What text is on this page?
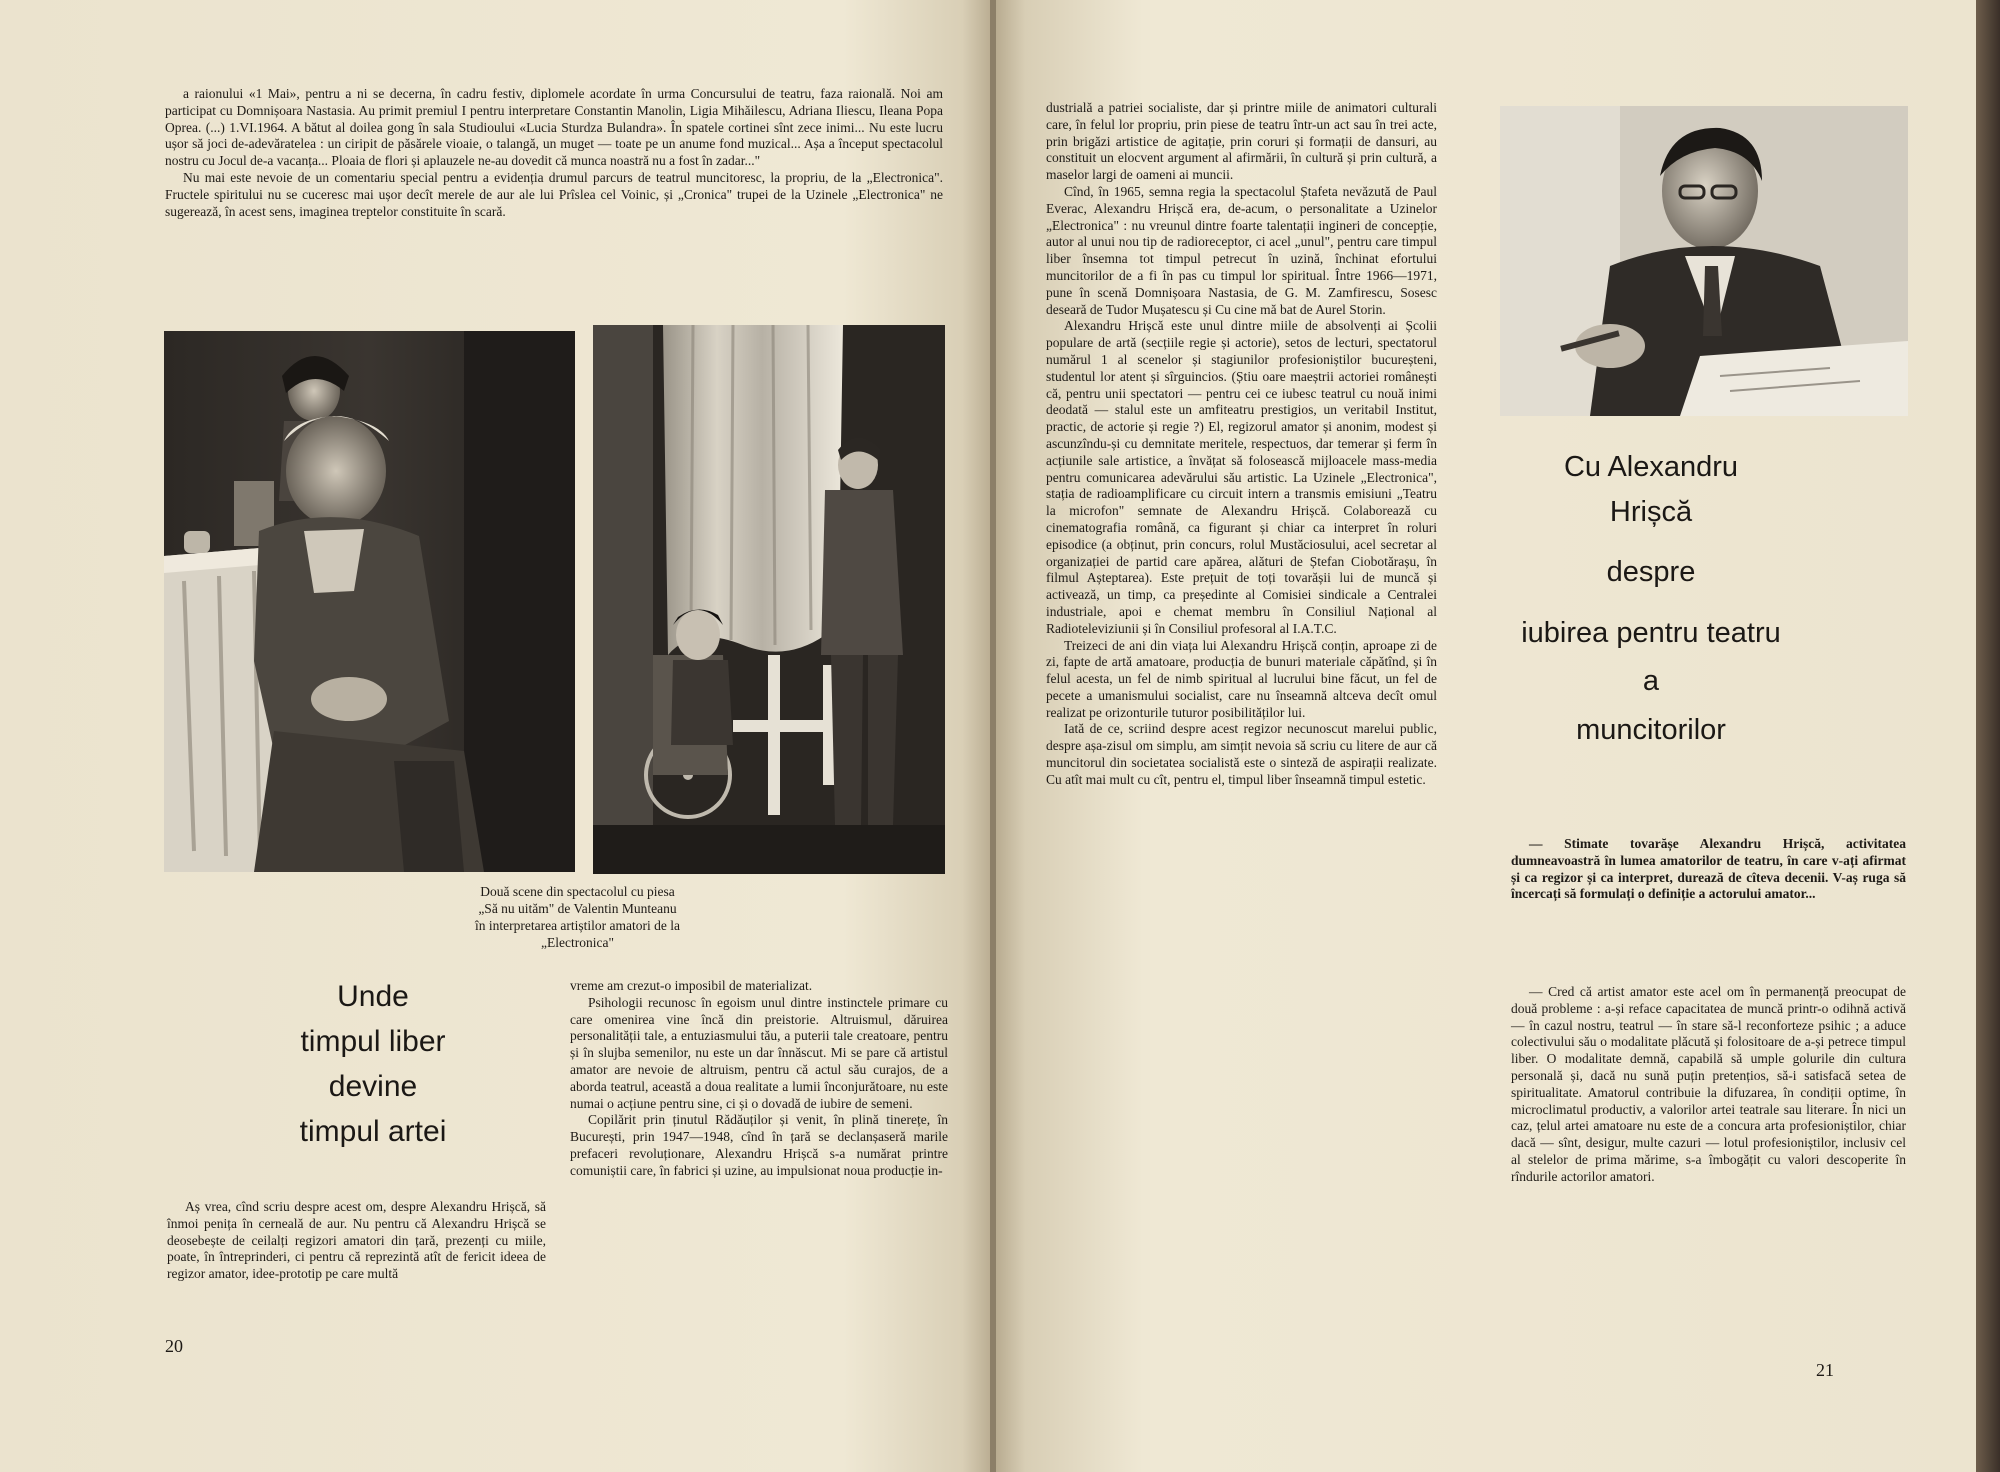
a raionului «1 Mai», pentru a ni se decerna, în cadru festiv, diplomele acordate în urma Concursului de teatru, faza raională. Noi am participat cu Domnișoara Nastasia. Au primit premiul I pentru interpretare Constantin Manolin, Ligia Mihăilescu, Adriana Iliescu, Ileana Popa Oprea. (...) 1.VI.1964. A bătut al doilea gong în sala Studioului «Lucia Sturdza Bulandra». În spatele cortinei sînt zece inimi... Nu este lucru ușor să joci de-adevăratelea : un ciripit de păsărele vioaie, o talangă, un muget — toate pe un anume fond muzical... Așa a început spectacolul nostru cu Jocul de-a vacanța... Ploaia de flori și aplauzele ne-au dovedit că munca noastră nu a fost în zadar..."

Nu mai este nevoie de un comentariu special pentru a evidenția drumul parcurs de teatrul muncitoresc, la propriu, de la „Electronica". Fructele spiritului nu se cuceresc mai ușor decît merele de aur ale lui Prîslea cel Voinic, și „Cronica" trupei de la Uzinele „Electronica" ne sugerează, în acest sens, imaginea treptelor constituite în scară.

Două scene din spectacolul cu piesa
„Să nu uităm" de Valentin Munteanu
în interpretarea artiștilor amatori de la
„Electronica"
Unde
timpul liber
devine
timpul artei

Aș vrea, cînd scriu despre acest om, despre Alexandru Hrișcă, să înmoi penița în cerneală de aur. Nu pentru că Alexandru Hrișcă se deosebește de ceilalți regizori amatori din țară, prezenți cu miile, poate, în întreprinderi, ci pentru că reprezintă atît de fericit ideea de regizor amator, idee-prototip pe care multă

vreme am crezut-o imposibil de materializat.

Psihologii recunosc în egoism unul dintre instinctele primare cu care omenirea vine încă din preistorie. Altruismul, dăruirea personalității tale, a entuziasmului tău, a puterii tale creatoare, pentru și în slujba semenilor, nu este un dar înnăscut. Mi se pare că artistul amator are nevoie de altruism, pentru că actul său curajos, de a aborda teatrul, această a doua realitate a lumii înconjurătoare, nu este numai o acțiune pentru sine, ci și o dovadă de iubire de semeni.

Copilărit prin ținutul Rădăuților și venit, în plină tinerețe, în București, prin 1947—1948, cînd în țară se declanșaseră marile prefaceri revoluționare, Alexandru Hrișcă s-a numărat printre comuniștii care, în fabrici și uzine, au impulsionat noua producție in-

20

dustrială a patriei socialiste, dar și printre miile de animatori culturali care, în felul lor propriu, prin piese de teatru într-un act sau în trei acte, prin brigăzi artistice de agitație, prin coruri și formații de dansuri, au constituit un elocvent argument al afirmării, în cultură și prin cultură, a maselor largi de oameni ai muncii.

Cînd, în 1965, semna regia la spectacolul Ștafeta nevăzută de Paul Everac, Alexandru Hrișcă era, de-acum, o personalitate a Uzinelor „Electronica" : nu vreunul dintre foarte talentații ingineri de concepție, autor al unui nou tip de radioreceptor, ci acel „unul", pentru care timpul liber însemna tot timpul petrecut în uzină, închinat efortului muncitorilor de a fi în pas cu timpul lor spiritual. Între 1966—1971, pune în scenă Domnișoara Nastasia, de G. M. Zamfirescu, Sosesc deseară de Tudor Mușatescu și Cu cine mă bat de Aurel Storin.

Alexandru Hrișcă este unul dintre miile de absolvenți ai Școlii populare de artă (secțiile regie și actorie), setos de lecturi, spectatorul numărul 1 al scenelor și stagiunilor profesioniștilor bucureșteni, studentul lor atent și sîrguincios. (Știu oare maeștrii actoriei românești că, pentru unii spectatori — pentru cei ce iubesc teatrul cu nouă inimi deodată — stalul este un amfiteatru prestigios, un veritabil Institut, practic, de actorie și regie ?) El, regizorul amator și anonim, modest și ascunzîndu-și cu demnitate meritele, respectuos, dar temerar și ferm în acțiunile sale artistice, a învățat să folosească mijloacele mass-media pentru comunicarea adevărului său artistic. La Uzinele „Electronica", stația de radioamplificare cu circuit intern a transmis emisiuni „Teatru la microfon" semnate de Alexandru Hrișcă. Colaborează cu cinematografia română, ca figurant și chiar ca interpret în roluri episodice (a obținut, prin concurs, rolul Mustăciosului, acel secretar al organizației de partid care apărea, alături de Ștefan Ciobotărașu, în filmul Așteptarea). Este prețuit de toți tovarășii lui de muncă și activează, un timp, ca președinte al Comisiei sindicale a Centralei industriale, apoi e chemat membru în Consiliul Național al Radioteleviziunii și în Consiliul profesoral al I.A.T.C.

Treizeci de ani din viața lui Alexandru Hrișcă conțin, aproape zi de zi, fapte de artă amatoare, producția de bunuri materiale căpătînd, și în felul acesta, un fel de nimb spiritual al lucrului bine făcut, un fel de pecete a umanismului socialist, care nu înseamnă altceva decît omul realizat pe orizonturile tuturor posibilităților lui.

Iată de ce, scriind despre acest regizor necunoscut marelui public, despre așa-zisul om simplu, am simțit nevoia să scriu cu litere de aur că muncitorul din societatea socialistă este o sinteză de aspirații realizate. Cu atît mai mult cu cît, pentru el, timpul liber înseamnă timpul estetic.

Cu Alexandru
Hrișcă
despre
iubirea pentru teatru
a
muncitorilor

— Stimate tovarășe Alexandru Hrișcă, activitatea dumneavoastră în lumea amatorilor de teatru, în care v-ați afirmat și ca regizor și ca interpret, durează de cîteva decenii. V-aș ruga să încercați să formulați o definiție a actorului amator...

— Cred că artist amator este acel om în permanență preocupat de două probleme : a-și reface capacitatea de muncă printr-o odihnă activă — în cazul nostru, teatrul — în stare să-l reconforteze psihic ; a aduce colectivului său o modalitate plăcută și folositoare de a-și petrece timpul liber. O modalitate demnă, capabilă să umple golurile din cultura personală și, dacă nu sună puțin pretențios, să-i satisfacă setea de spiritualitate. Amatorul contribuie la difuzarea, în condiții optime, în microclimatul productiv, a valorilor artei teatrale sau literare. În nici un caz, țelul artei amatoare nu este de a concura arta profesioniștilor, chiar dacă — sînt, desigur, multe cazuri — lotul profesioniștilor, inclusiv cel al stelelor de prima mărime, s-a îmbogățit cu valori descoperite în rîndurile actorilor amatori.

21
